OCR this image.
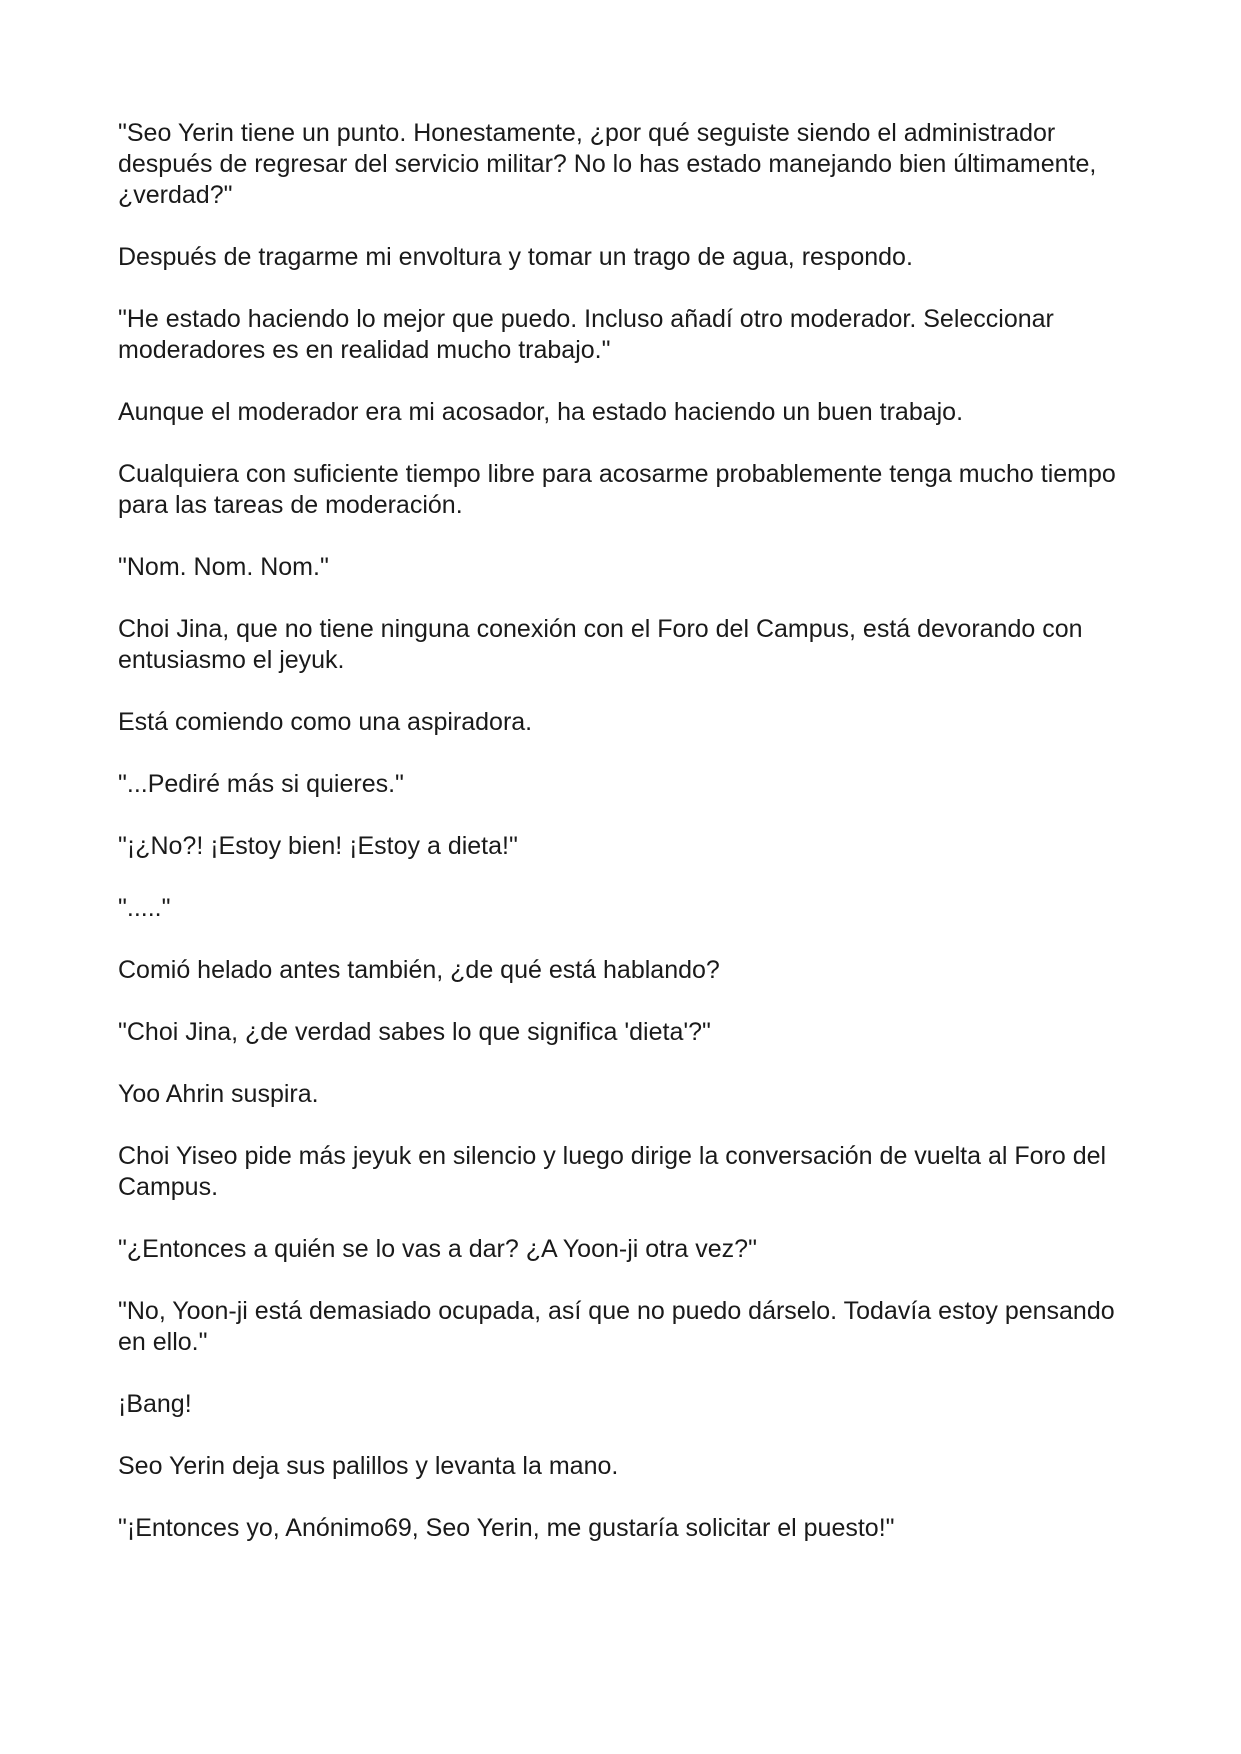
"Seo Yerin tiene un punto. Honestamente, ¿por qué seguiste siendo el administrador después de regresar del servicio militar? No lo has estado manejando bien últimamente, ¿verdad?"

Después de tragarme mi envoltura y tomar un trago de agua, respondo.

"He estado haciendo lo mejor que puedo. Incluso añadí otro moderador. Seleccionar moderadores es en realidad mucho trabajo."

Aunque el moderador era mi acosador, ha estado haciendo un buen trabajo.

Cualquiera con suficiente tiempo libre para acosarme probablemente tenga mucho tiempo para las tareas de moderación.

"Nom. Nom. Nom."

Choi Jina, que no tiene ninguna conexión con el Foro del Campus, está devorando con entusiasmo el jeyuk.

Está comiendo como una aspiradora.

"...Pediré más si quieres."

"¡¿No?! ¡Estoy bien! ¡Estoy a dieta!"

"....."

Comió helado antes también, ¿de qué está hablando?

"Choi Jina, ¿de verdad sabes lo que significa 'dieta'?"

Yoo Ahrin suspira.

Choi Yiseo pide más jeyuk en silencio y luego dirige la conversación de vuelta al Foro del Campus.

"¿Entonces a quién se lo vas a dar? ¿A Yoon-ji otra vez?"

"No, Yoon-ji está demasiado ocupada, así que no puedo dárselo. Todavía estoy pensando en ello."

¡Bang!

Seo Yerin deja sus palillos y levanta la mano.

"¡Entonces yo, Anónimo69, Seo Yerin, me gustaría solicitar el puesto!"
